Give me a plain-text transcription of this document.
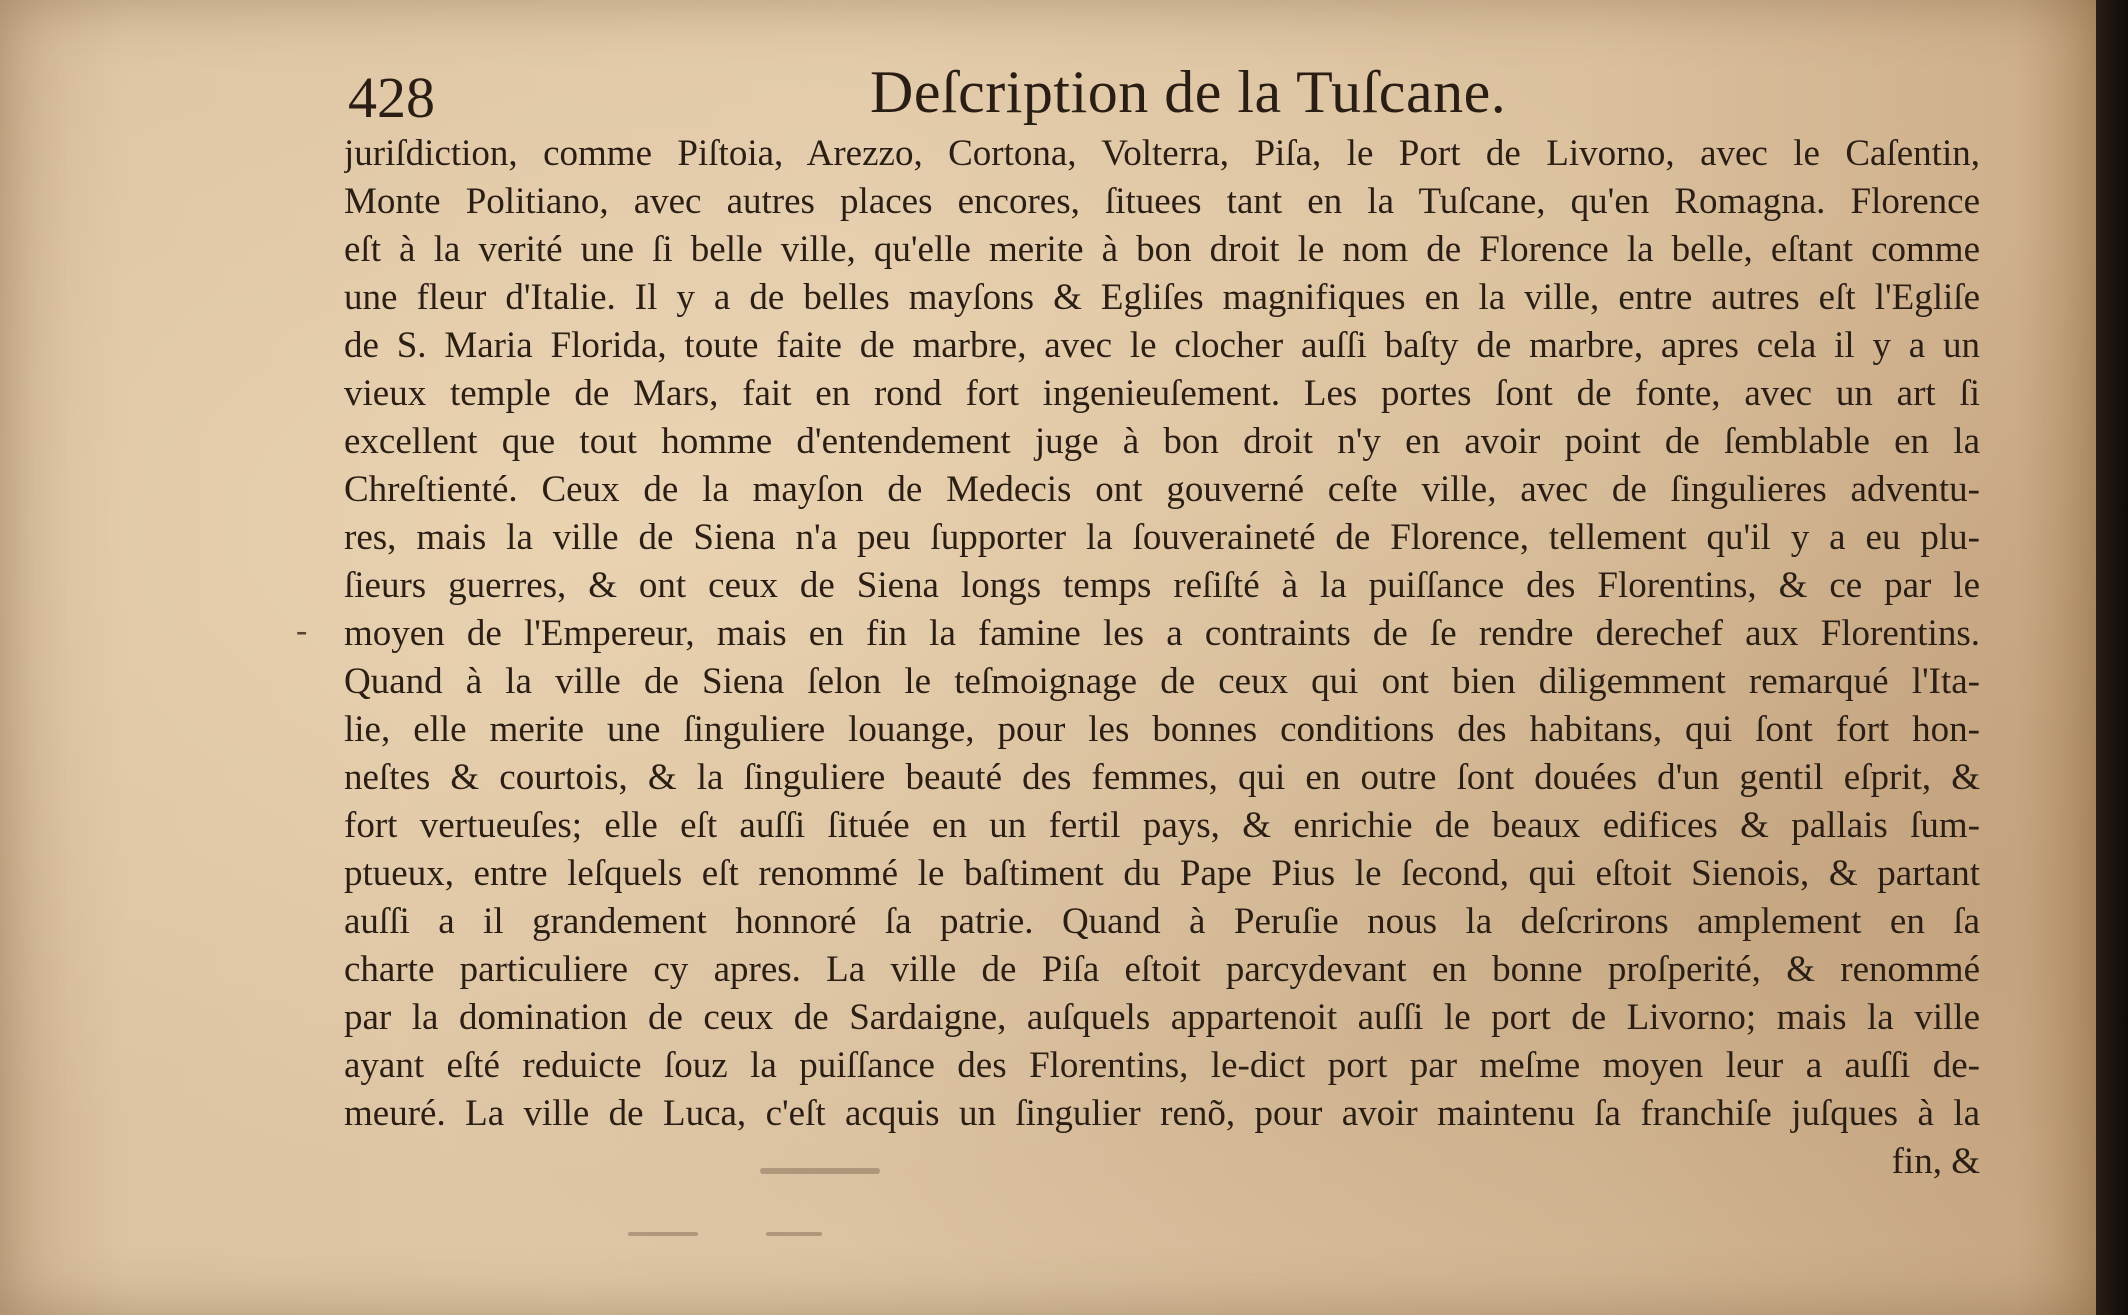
428	Deſcription de la Tuſcane.
-
juriſdiction, comme Piſtoia, Arezzo, Cortona, Volterra, Piſa, le Port de Livorno, avec le Caſentin,
Monte Politiano, avec autres places encores, ſituees tant en la Tuſcane, qu'en Romagna. Florence
eſt à la verité une ſi belle ville, qu'elle merite à bon droit le nom de Florence la belle, eſtant comme
une fleur d'Italie. Il y a de belles mayſons & Egliſes magnifiques en la ville, entre autres eſt l'Egliſe
de S. Maria Florida, toute faite de marbre, avec le clocher auſſi baſty de marbre, apres cela il y a un
vieux temple de Mars, fait en rond fort ingenieuſement. Les portes ſont de fonte, avec un art ſi
excellent que tout homme d'entendement juge à bon droit n'y en avoir point de ſemblable en la
Chreſtienté. Ceux de la mayſon de Medecis ont gouverné ceſte ville, avec de ſingulieres adventu-
res, mais la ville de Siena n'a peu ſupporter la ſouveraineté de Florence, tellement qu'il y a eu plu-
ſieurs guerres, & ont ceux de Siena longs temps reſiſté à la puiſſance des Florentins, & ce par le
moyen de l'Empereur, mais en fin la famine les a contraints de ſe rendre derechef aux Florentins.
Quand à la ville de Siena ſelon le teſmoignage de ceux qui ont bien diligemment remarqué l'Ita-
lie, elle merite une ſinguliere louange, pour les bonnes conditions des habitans, qui ſont fort hon-
neſtes & courtois, & la ſinguliere beauté des femmes, qui en outre ſont douées d'un gentil eſprit, &
fort vertueuſes; elle eſt auſſi ſituée en un fertil pays, & enrichie de beaux edifices & pallais ſum-
ptueux, entre leſquels eſt renommé le baſtiment du Pape Pius le ſecond, qui eſtoit Sienois, & partant
auſſi a il grandement honnoré ſa patrie. Quand à Peruſie nous la deſcrirons amplement en ſa
charte particuliere cy apres. La ville de Piſa eſtoit parcydevant en bonne proſperité, & renommé
par la domination de ceux de Sardaigne, auſquels appartenoit auſſi le port de Livorno; mais la ville
ayant eſté reduicte ſouz la puiſſance des Florentins, le-dict port par meſme moyen leur a auſſi de-
meuré. La ville de Luca, c'eſt acquis un ſingulier renõ, pour avoir maintenu ſa franchiſe juſques à la
fin, &
